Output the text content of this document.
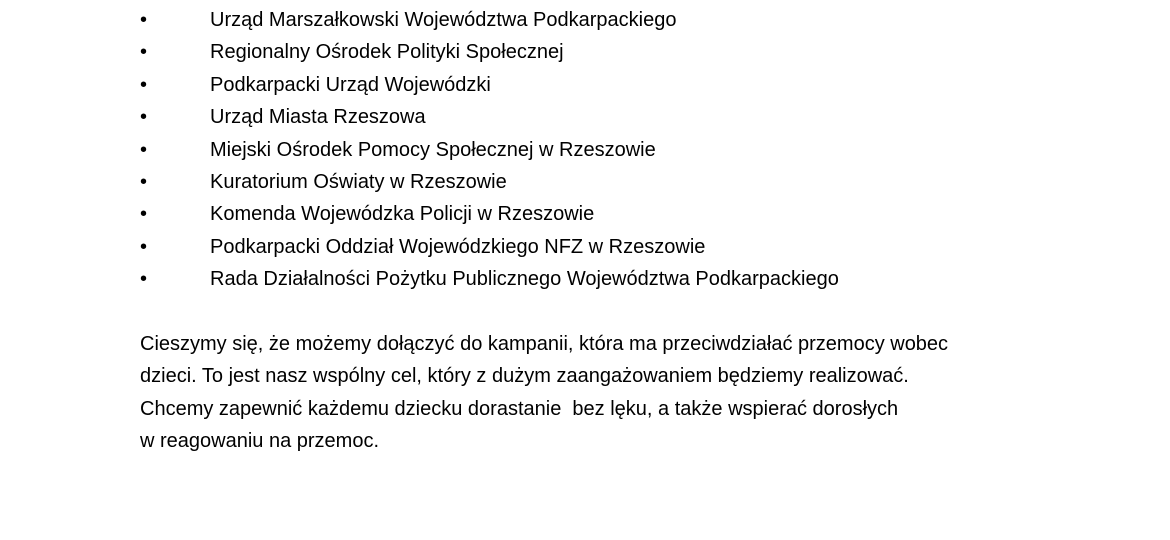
•	Urząd Marszałkowski Województwa Podkarpackiego
•	Regionalny Ośrodek Polityki Społecznej
•	Podkarpacki Urząd Wojewódzki
•	Urząd Miasta Rzeszowa
•	Miejski Ośrodek Pomocy Społecznej w Rzeszowie
•	Kuratorium Oświaty w Rzeszowie
•	Komenda Wojewódzka Policji w Rzeszowie
•	Podkarpacki Oddział Wojewódzkiego NFZ w Rzeszowie
•	Rada Działalności Pożytku Publicznego Województwa Podkarpackiego

Cieszymy się, że możemy dołączyć do kampanii, która ma przeciwdziałać przemocy wobec
dzieci. To jest nasz wspólny cel, który z dużym zaangażowaniem będziemy realizować.
Chcemy zapewnić każdemu dziecku dorastanie  bez lęku, a także wspierać dorosłych
w reagowaniu na przemoc.
